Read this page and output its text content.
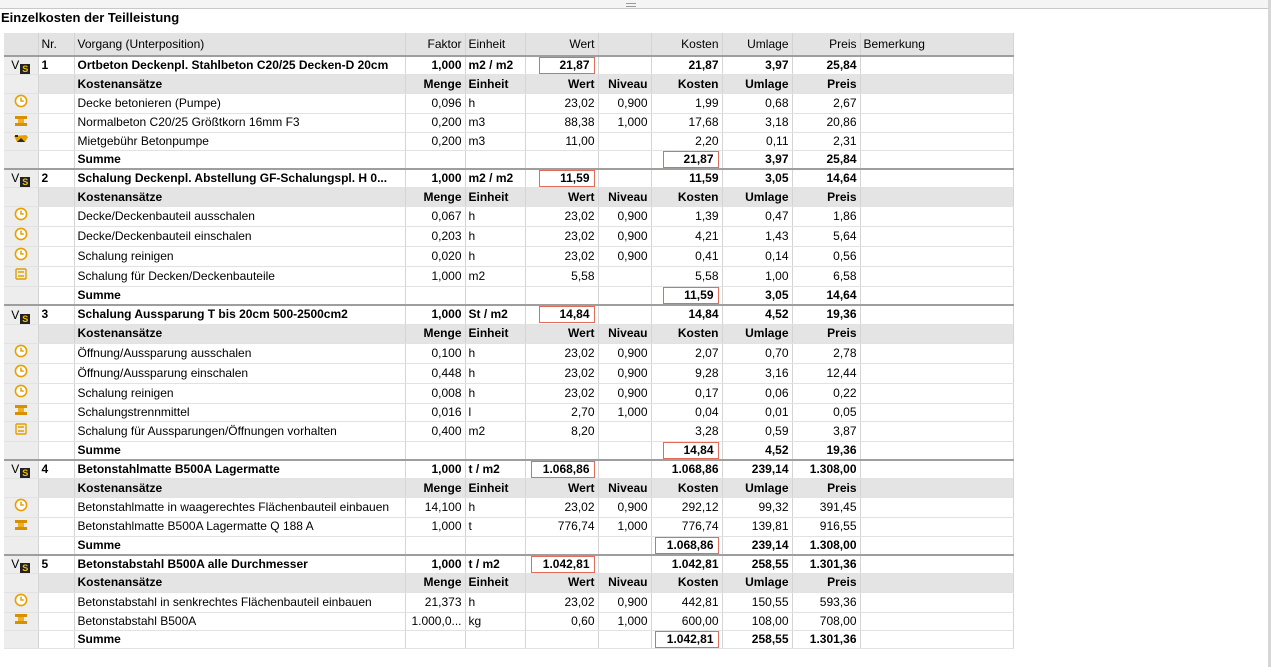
Einzelkosten der Teilleistung
	Nr.	Vorgang (Unterposition)	Faktor	Einheit	Wert		Kosten	Umlage	Preis	Bemerkung
V S	1	Ortbeton Deckenpl. Stahlbeton C20/25 Decken-D 20cm	1,000	m2 / m2	21,87		21,87	3,97	25,84	
		Kostenansätze	Menge	Einheit	Wert	Niveau	Kosten	Umlage	Preis	
		Decke betonieren (Pumpe)	0,096	h	23,02	0,900	1,99	0,68	2,67	
		Normalbeton C20/25 Größtkorn 16mm F3	0,200	m3	88,38	1,000	17,68	3,18	20,86	
		Mietgebühr Betonpumpe	0,200	m3	11,00		2,20	0,11	2,31	
		Summe					21,87	3,97	25,84	
V S	2	Schalung Deckenpl. Abstellung GF-Schalungspl. H 0...	1,000	m2 / m2	11,59		11,59	3,05	14,64	
		Kostenansätze	Menge	Einheit	Wert	Niveau	Kosten	Umlage	Preis	
		Decke/Deckenbauteil ausschalen	0,067	h	23,02	0,900	1,39	0,47	1,86	
		Decke/Deckenbauteil einschalen	0,203	h	23,02	0,900	4,21	1,43	5,64	
		Schalung reinigen	0,020	h	23,02	0,900	0,41	0,14	0,56	
		Schalung für Decken/Deckenbauteile	1,000	m2	5,58		5,58	1,00	6,58	
		Summe					11,59	3,05	14,64	
V S	3	Schalung Aussparung T bis 20cm 500-2500cm2	1,000	St / m2	14,84		14,84	4,52	19,36	
		Kostenansätze	Menge	Einheit	Wert	Niveau	Kosten	Umlage	Preis	
		Öffnung/Aussparung ausschalen	0,100	h	23,02	0,900	2,07	0,70	2,78	
		Öffnung/Aussparung einschalen	0,448	h	23,02	0,900	9,28	3,16	12,44	
		Schalung reinigen	0,008	h	23,02	0,900	0,17	0,06	0,22	
		Schalungstrennmittel	0,016	l	2,70	1,000	0,04	0,01	0,05	
		Schalung für Aussparungen/Öffnungen vorhalten	0,400	m2	8,20		3,28	0,59	3,87	
		Summe					14,84	4,52	19,36	
V S	4	Betonstahlmatte B500A Lagermatte	1,000	t / m2	1.068,86		1.068,86	239,14	1.308,00	
		Kostenansätze	Menge	Einheit	Wert	Niveau	Kosten	Umlage	Preis	
		Betonstahlmatte in waagerechtes Flächenbauteil einbauen	14,100	h	23,02	0,900	292,12	99,32	391,45	
		Betonstahlmatte B500A Lagermatte Q 188 A	1,000	t	776,74	1,000	776,74	139,81	916,55	
		Summe					1.068,86	239,14	1.308,00	
V S	5	Betonstabstahl B500A alle Durchmesser	1,000	t / m2	1.042,81		1.042,81	258,55	1.301,36	
		Kostenansätze	Menge	Einheit	Wert	Niveau	Kosten	Umlage	Preis	
		Betonstabstahl in senkrechtes Flächenbauteil einbauen	21,373	h	23,02	0,900	442,81	150,55	593,36	
		Betonstabstahl B500A	1.000,0...	kg	0,60	1,000	600,00	108,00	708,00	
		Summe					1.042,81	258,55	1.301,36	
